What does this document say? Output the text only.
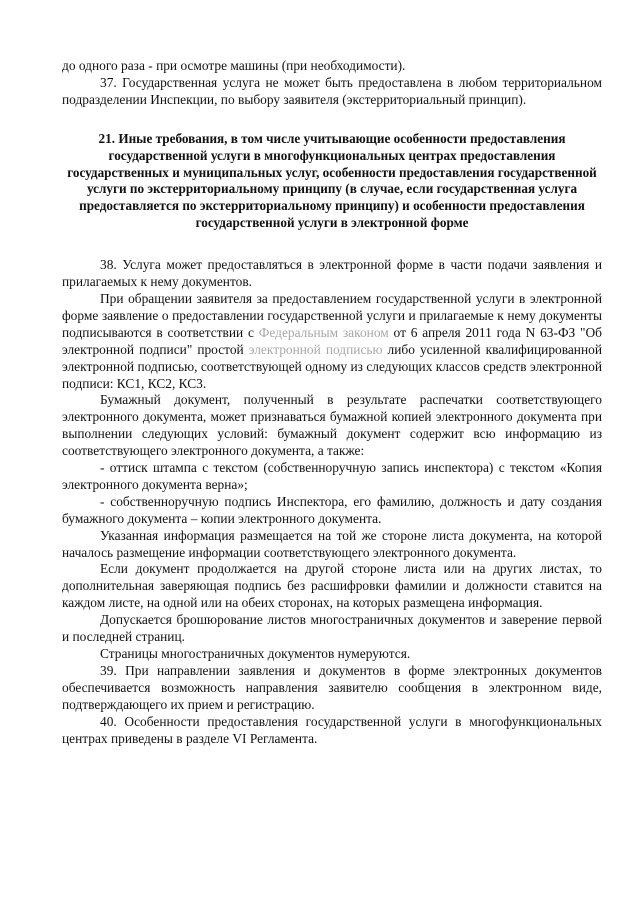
до одного раза - при осмотре машины (при необходимости).

37. Государственная услуга не может быть предоставлена в любом территориальном подразделении Инспекции, по выбору заявителя (экстерриториальный принцип).

21. Иные требования, в том числе учитывающие особенности предоставления государственной услуги в многофункциональных центрах предоставления государственных и муниципальных услуг, особенности предоставления государственной услуги по экстерриториальному принципу (в случае, если государственная услуга предоставляется по экстерриториальному принципу) и особенности предоставления государственной услуги в электронной форме

38. Услуга может предоставляться в электронной форме в части подачи заявления и прилагаемых к нему документов.

При обращении заявителя за предоставлением государственной услуги в электронной форме заявление о предоставлении государственной услуги и прилагаемые к нему документы подписываются в соответствии с Федеральным законом от 6 апреля 2011 года N 63-ФЗ "Об электронной подписи" простой электронной подписью либо усиленной квалифицированной электронной подписью, соответствующей одному из следующих классов средств электронной подписи: КС1, КС2, КС3.

Бумажный документ, полученный в результате распечатки соответствующего электронного документа, может признаваться бумажной копией электронного документа при выполнении следующих условий: бумажный документ содержит всю информацию из соответствующего электронного документа, а также:

- оттиск штампа с текстом (собственноручную запись инспектора) с текстом «Копия электронного документа верна»;

- собственноручную подпись Инспектора, его фамилию, должность и дату создания бумажного документа – копии электронного документа.

Указанная информация размещается на той же стороне листа документа, на которой началось размещение информации соответствующего электронного документа.

Если документ продолжается на другой стороне листа или на других листах, то дополнительная заверяющая подпись без расшифровки фамилии и должности ставится на каждом листе, на одной или на обеих сторонах, на которых размещена информация.

Допускается брошюрование листов многостраничных документов и заверение первой и последней страниц.

Страницы многостраничных документов нумеруются.

39. При направлении заявления и документов в форме электронных документов обеспечивается возможность направления заявителю сообщения в электронном виде, подтверждающего их прием и регистрацию.

40. Особенности предоставления государственной услуги в многофункциональных центрах приведены в разделе VI Регламента.
